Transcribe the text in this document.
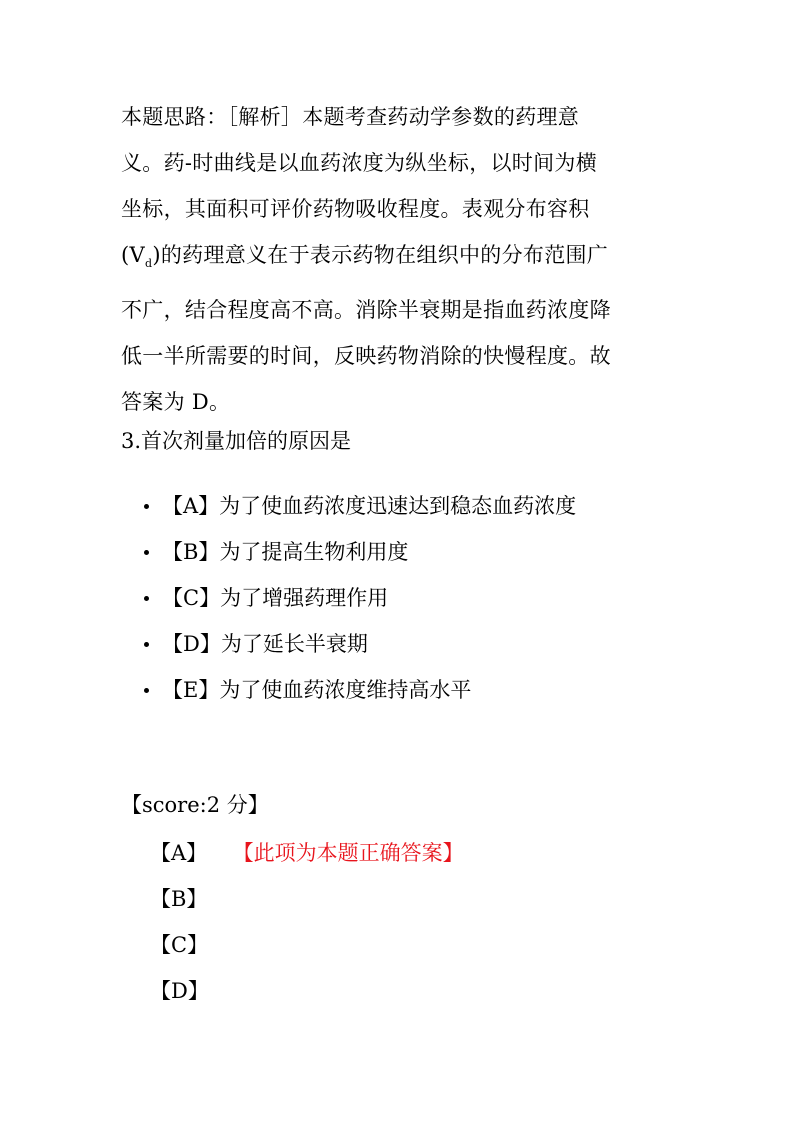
本题思路：［解析］本题考查药动学参数的药理意
义。药-时曲线是以血药浓度为纵坐标，以时间为横
坐标，其面积可评价药物吸收程度。表观分布容积
$(V_d)$的药理意义在于表示药物在组织中的分布范围广
不广，结合程度高不高。消除半衰期是指血药浓度降
低一半所需要的时间，反映药物消除的快慢程度。故
答案为 D。
3.首次剂量加倍的原因是
【A】为了使血药浓度迅速达到稳态血药浓度
【B】为了提高生物利用度
【C】为了增强药理作用
【D】为了延长半衰期
【E】为了使血药浓度维持高水平
【score:2 分】
【A】 【此项为本题正确答案】
【B】
【C】
【D】
